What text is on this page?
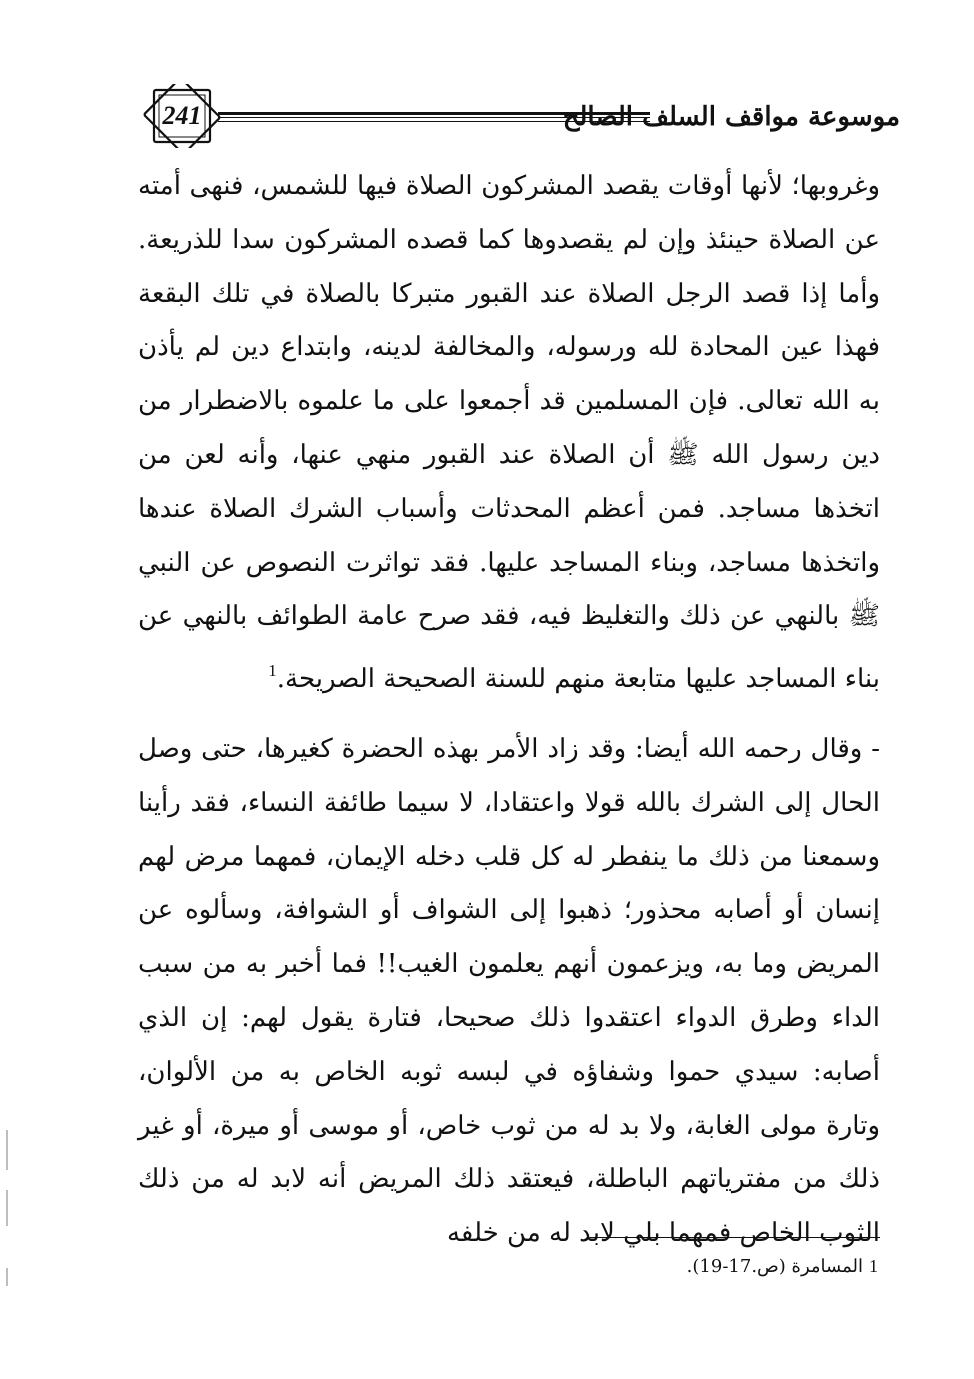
241	موسوعة مواقف السلف الصالح

وغروبها؛ لأنها أوقات يقصد المشركون الصلاة فيها للشمس، فنهى أمته عن الصلاة حينئذ وإن لم يقصدوها كما قصده المشركون سدا للذريعة. وأما إذا قصد الرجل الصلاة عند القبور متبركا بالصلاة في تلك البقعة فهذا عين المحادة لله ورسوله، والمخالفة لدينه، وابتداع دين لم يأذن به الله تعالى. فإن المسلمين قد أجمعوا على ما علموه بالاضطرار من دين رسول الله ﷺ أن الصلاة عند القبور منهي عنها، وأنه لعن من اتخذها مساجد. فمن أعظم المحدثات وأسباب الشرك الصلاة عندها واتخذها مساجد، وبناء المساجد عليها. فقد تواثرت النصوص عن النبي ﷺ بالنهي عن ذلك والتغليظ فيه، فقد صرح عامة الطوائف بالنهي عن بناء المساجد عليها متابعة منهم للسنة الصحيحة الصريحة.$^1$

- وقال رحمه الله أيضا: وقد زاد الأمر بهذه الحضرة كغيرها، حتى وصل الحال إلى الشرك بالله قولا واعتقادا، لا سيما طائفة النساء، فقد رأينا وسمعنا من ذلك ما ينفطر له كل قلب دخله الإيمان، فمهما مرض لهم إنسان أو أصابه محذور؛ ذهبوا إلى الشواف أو الشوافة، وسألوه عن المريض وما به، ويزعمون أنهم يعلمون الغيب!! فما أخبر به من سبب الداء وطرق الدواء اعتقدوا ذلك صحيحا، فتارة يقول لهم: إن الذي أصابه: سيدي حموا وشفاؤه في لبسه ثوبه الخاص به من الألوان، وتارة مولى الغابة، ولا بد له من ثوب خاص، أو موسى أو ميرة، أو غير ذلك من مفترياتهم الباطلة، فيعتقد ذلك المريض أنه لابد له من ذلك الثوب الخاص فمهما بلي لابد له من خلفه

1المسامرة (ص.17-19).
